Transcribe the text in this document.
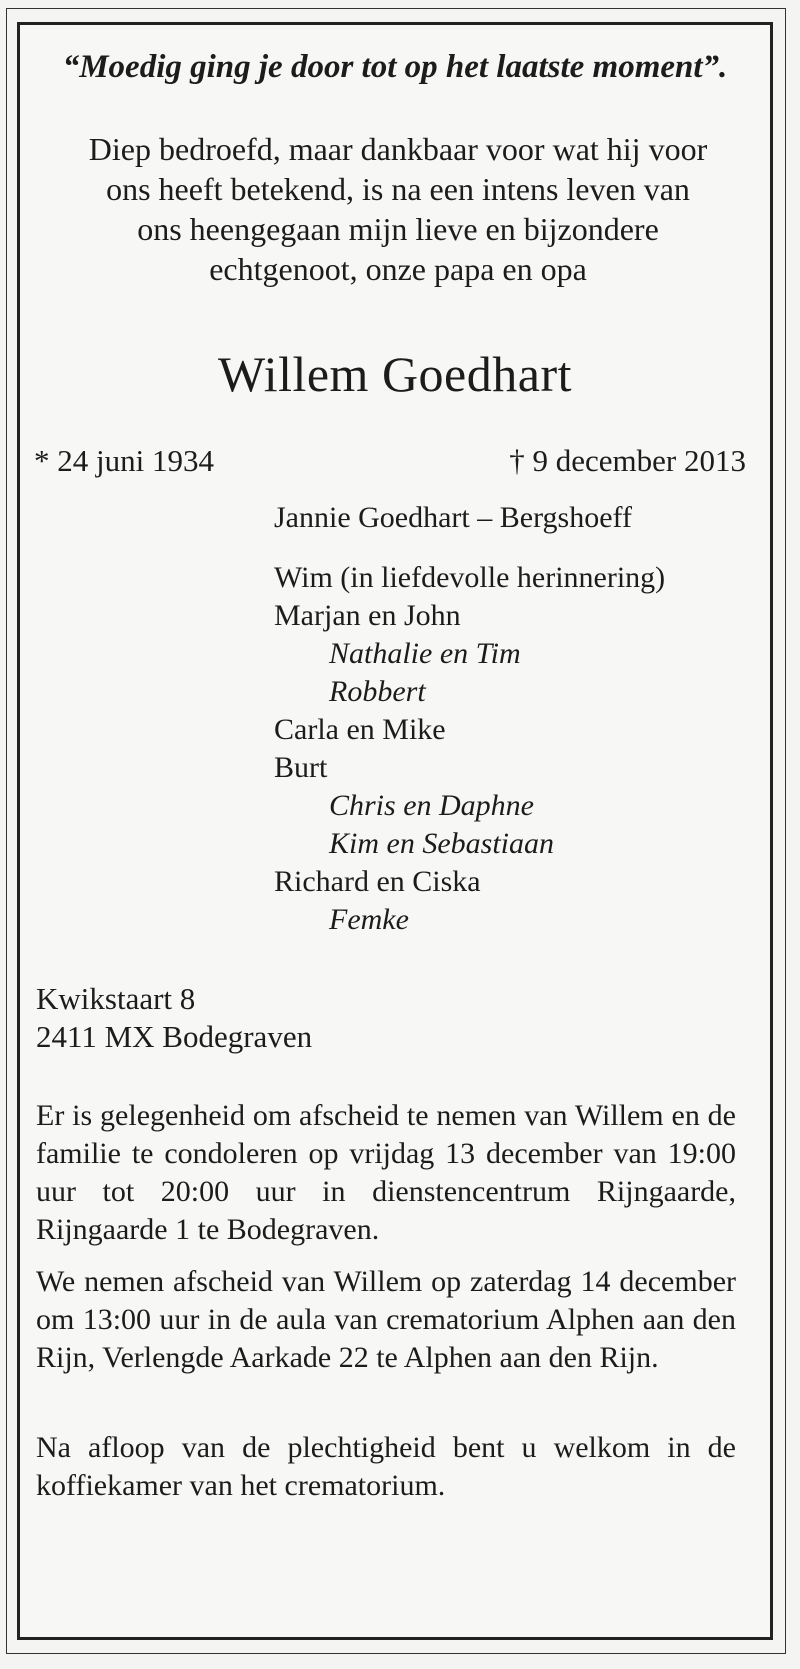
“Moedig ging je door tot op het laatste moment”.
Diep bedroefd, maar dankbaar voor wat hij voor
ons heeft betekend, is na een intens leven van
ons heengegaan mijn lieve en bijzondere
echtgenoot, onze papa en opa
Willem Goedhart
* 24 juni 1934	† 9 december 2013
Jannie Goedhart – Bergshoeff
Wim (in liefdevolle herinnering)
Marjan en John
Nathalie en Tim
Robbert
Carla en Mike
Burt
Chris en Daphne
Kim en Sebastiaan
Richard en Ciska
Femke
Kwikstaart 8
2411 MX Bodegraven
Er is gelegenheid om afscheid te nemen van Willem en de familie te condoleren op vrijdag 13 december van 19:00 uur tot 20:00 uur in dienstencentrum Rijngaarde, Rijngaarde 1 te Bodegraven.
We nemen afscheid van Willem op zaterdag 14 december om 13:00 uur in de aula van crematorium Alphen aan den Rijn, Verlengde Aarkade 22 te Alphen aan den Rijn.
Na afloop van de plechtigheid bent u welkom in de koffiekamer van het crematorium.
